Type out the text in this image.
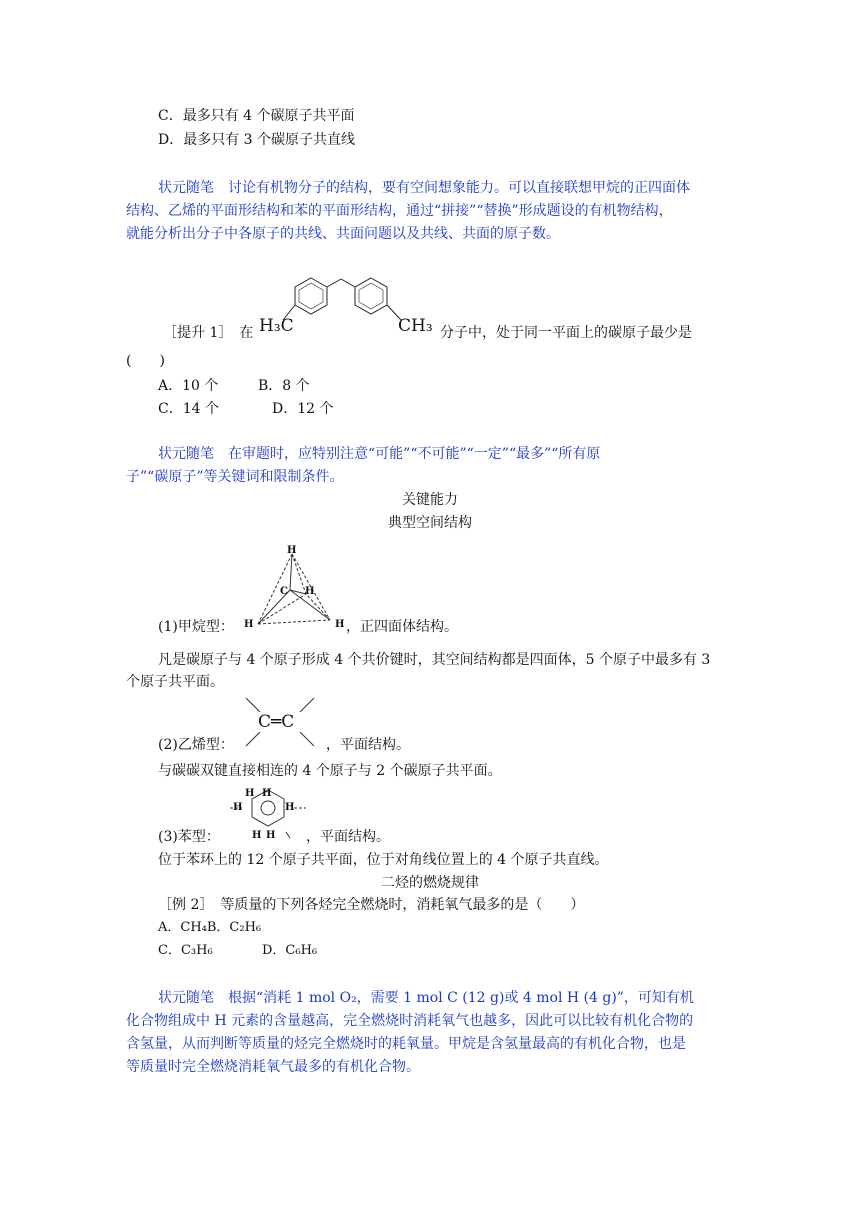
C．最多只有 4 个碳原子共平面
D．最多只有 3 个碳原子共直线
状元随笔　讨论有机物分子的结构，要有空间想象能力。可以直接联想甲烷的正四面体
结构、乙烯的平面形结构和苯的平面形结构，通过“拼接”“替换”形成题设的有机物结构，
就能分析出分子中各原子的共线、共面问题以及共线、共面的原子数。
［提升 1］　在 H₃C	CH₃ 分子中，处于同一平面上的碳原子最少是
(　　)
A．10 个	B．8 个
C．14 个	D．12 个
状元随笔　在审题时，应特别注意“可能”“不可能”“一定”“最多”“所有原
子”“碳原子”等关键词和限制条件。
关键能力
典型空间结构
H
C H
H	H
(1)甲烷型：	，正四面体结构。
凡是碳原子与 4 个原子形成 4 个共价键时，其空间结构都是四面体，5 个原子中最多有 3
个原子共平面。
C═C
(2)乙烯型：	，平面结构。
与碳碳双键直接相连的 4 个原子与 2 个碳原子共平面。
H H
H	H
H H
(3)苯型：	，平面结构。
位于苯环上的 12 个原子共平面，位于对角线位置上的 4 个原子共直线。
二烃的燃烧规律
［例 2］　等质量的下列各烃完全燃烧时，消耗氧气最多的是（　　）
A．CH₄B．C₂H₆
C．C₃H₆	D．C₆H₆
状元随笔　根据“消耗 1 mol O₂，需要 1 mol C (12 g)或 4 mol H (4 g)”，可知有机
化合物组成中 H 元素的含量越高，完全燃烧时消耗氧气也越多，因此可以比较有机化合物的
含氢量，从而判断等质量的烃完全燃烧时的耗氧量。甲烷是含氢量最高的有机化合物，也是
等质量时完全燃烧消耗氧气最多的有机化合物。
